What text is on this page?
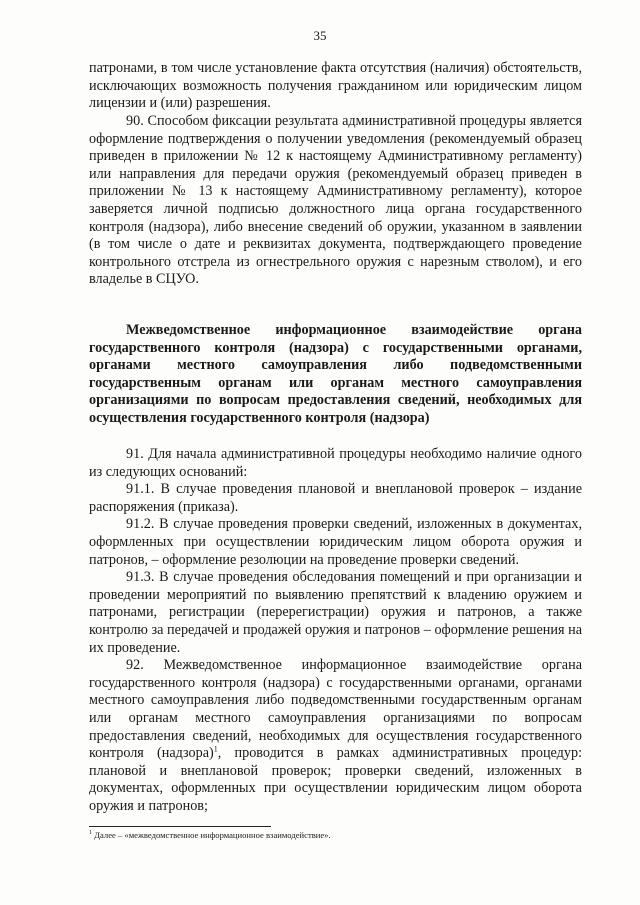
35

патронами, в том числе установление факта отсутствия (наличия) обстоятельств, исключающих возможность получения гражданином или юридическим лицом лицензии и (или) разрешения.

90. Способом фиксации результата административной процедуры является оформление подтверждения о получении уведомления (рекомендуемый образец приведен в приложении № 12 к настоящему Административному регламенту) или направления для передачи оружия (рекомендуемый образец приведен в приложении № 13 к настоящему Административному регламенту), которое заверяется личной подписью должностного лица органа государственного контроля (надзора), либо внесение сведений об оружии, указанном в заявлении (в том числе о дате и реквизитах документа, подтверждающего проведение контрольного отстрела из огнестрельного оружия с нарезным стволом), и его владелье в СЦУО.

Межведомственное информационное взаимодействие органа государственного контроля (надзора) с государственными органами, органами местного самоуправления либо подведомственными государственным органам или органам местного самоуправления организациями по вопросам предоставления сведений, необходимых для осуществления государственного контроля (надзора)

91. Для начала административной процедуры необходимо наличие одного из следующих оснований:

91.1. В случае проведения плановой и внеплановой проверок – издание распоряжения (приказа).

91.2. В случае проведения проверки сведений, изложенных в документах, оформленных при осуществлении юридическим лицом оборота оружия и патронов, – оформление резолюции на проведение проверки сведений.

91.3. В случае проведения обследования помещений и при организации и проведении мероприятий по выявлению препятствий к владению оружием и патронами, регистрации (перерегистрации) оружия и патронов, а также контролю за передачей и продажей оружия и патронов – оформление решения на их проведение.

92. Межведомственное информационное взаимодействие органа государственного контроля (надзора) с государственными органами, органами местного самоуправления либо подведомственными государственным органам или органам местного самоуправления организациями по вопросам предоставления сведений, необходимых для осуществления государственного контроля (надзора)$^1$, проводится в рамках административных процедур: плановой и внеплановой проверок; проверки сведений, изложенных в документах, оформленных при осуществлении юридическим лицом оборота оружия и патронов;

$^1$ Далее – «межведомственное информационное взаимодействие».
